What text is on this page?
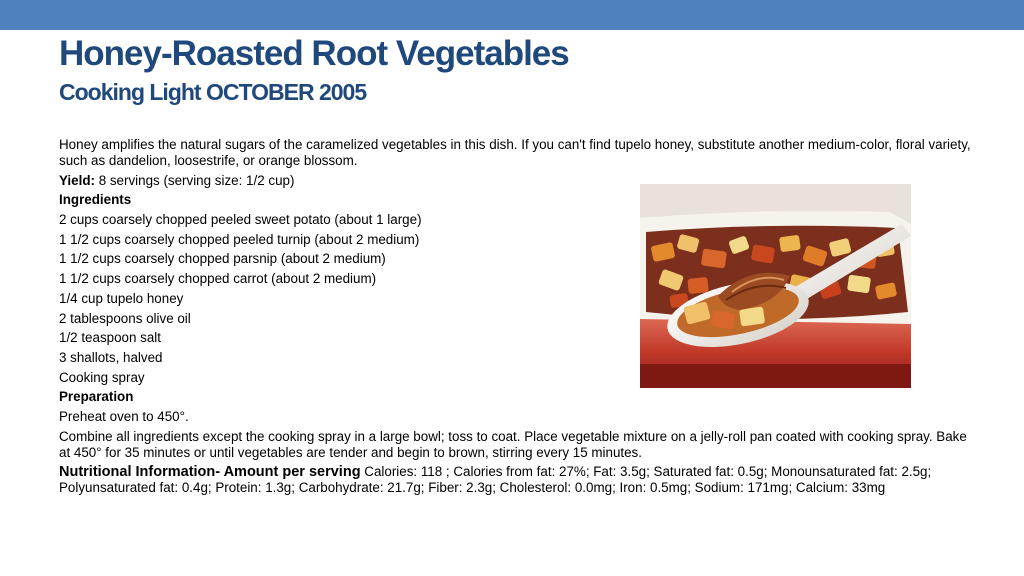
Honey-Roasted Root Vegetables
Cooking Light OCTOBER 2005

Honey amplifies the natural sugars of the caramelized vegetables in this dish. If you can't find tupelo honey, substitute another medium-color, floral variety, such as dandelion, loosestrife, or orange blossom.

Yield: 8 servings (serving size: 1/2 cup)

Ingredients

2 cups coarsely chopped peeled sweet potato (about 1 large)

1 1/2 cups coarsely chopped peeled turnip (about 2 medium)

1 1/2 cups coarsely chopped parsnip (about 2 medium)

1 1/2 cups coarsely chopped carrot (about 2 medium)

1/4 cup tupelo honey

2 tablespoons olive oil

1/2 teaspoon salt

3 shallots, halved

Cooking spray

Preparation

Preheat oven to 450°.

Combine all ingredients except the cooking spray in a large bowl; toss to coat. Place vegetable mixture on a jelly-roll pan coated with cooking spray. Bake at 450° for 35 minutes or until vegetables are tender and begin to brown, stirring every 15 minutes.

Nutritional Information- Amount per serving Calories: 118 ; Calories from fat: 27%; Fat: 3.5g; Saturated fat: 0.5g; Monounsaturated fat: 2.5g; Polyunsaturated fat: 0.4g; Protein: 1.3g; Carbohydrate: 21.7g; Fiber: 2.3g; Cholesterol: 0.0mg; Iron: 0.5mg; Sodium: 171mg; Calcium: 33mg
